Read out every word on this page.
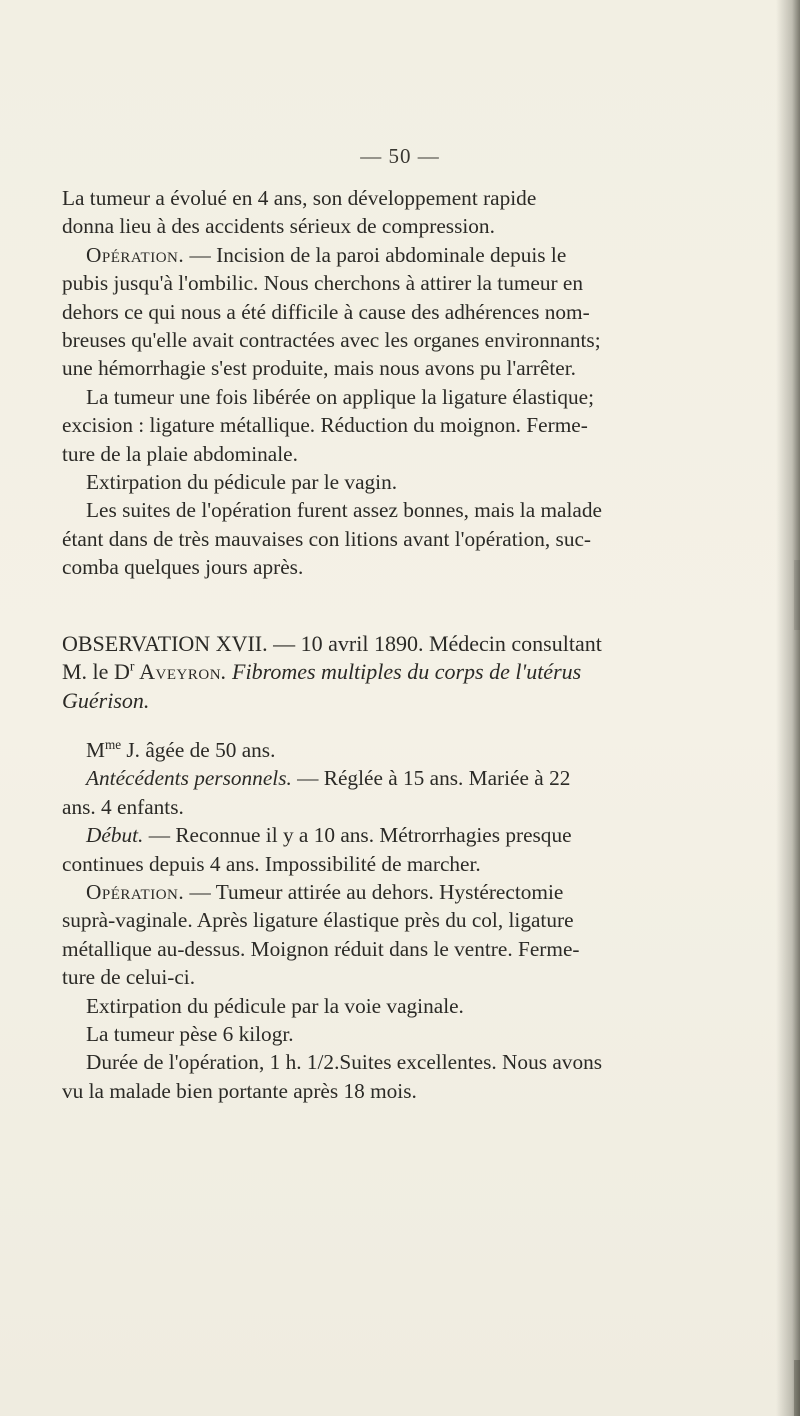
— 50 —

La tumeur a évolué en 4 ans, son développement rapide

donna lieu à des accidents sérieux de compression.

Opération. — Incision de la paroi abdominale depuis le

pubis jusqu'à l'ombilic. Nous cherchons à attirer la tumeur en

dehors ce qui nous a été difficile à cause des adhérences nom-

breuses qu'elle avait contractées avec les organes environnants;

une hémorrhagie s'est produite, mais nous avons pu l'arrêter.

La tumeur une fois libérée on applique la ligature élastique;

excision : ligature métallique. Réduction du moignon. Ferme-

ture de la plaie abdominale.

Extirpation du pédicule par le vagin.

Les suites de l'opération furent assez bonnes, mais la malade

étant dans de très mauvaises con litions avant l'opération, suc-

comba quelques jours après.

OBSERVATION XVII. — 10 avril 1890. Médecin consultant

M. le $D^r$ Aveyron. Fibromes multiples du corps de l'utérus

Guérison.

$M^{me}$ J. âgée de 50 ans.

Antécédents personnels. — Réglée à 15 ans. Mariée à 22

ans. 4 enfants.

Début. — Reconnue il y a 10 ans. Métrorrhagies presque

continues depuis 4 ans. Impossibilité de marcher.

Opération. — Tumeur attirée au dehors. Hystérectomie

suprà-vaginale. Après ligature élastique près du col, ligature

métallique au-dessus. Moignon réduit dans le ventre. Ferme-

ture de celui-ci.

Extirpation du pédicule par la voie vaginale.

La tumeur pèse 6 kilogr.

Durée de l'opération, 1 h. 1/2.Suites excellentes. Nous avons

vu la malade bien portante après 18 mois.
